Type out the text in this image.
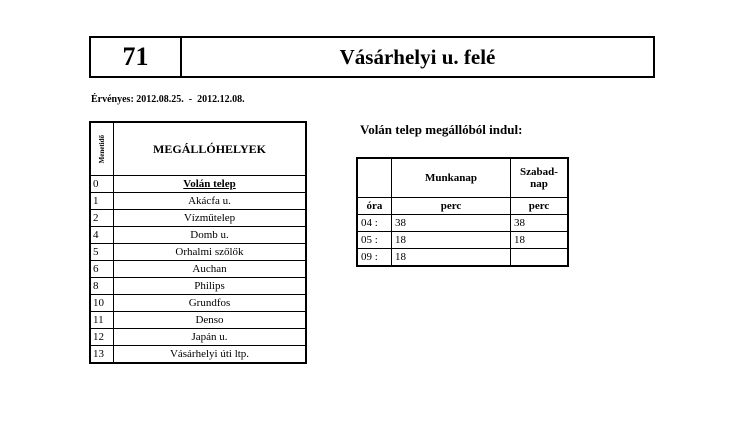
71	Vásárhelyi u. felé
Érvényes: 2012.08.25.  -  2012.12.08.
Menetidő	MEGÁLLÓHELYEK
0	Volán telep
1	Akácfa u.
2	Vízműtelep
4	Domb u.
5	Orhalmi szőlők
6	Auchan
8	Philips
10	Grundfos
11	Denso
12	Japán u.
13	Vásárhelyi úti ltp.
Volán telep megállóból indul:
	Munkanap	Szabad-
nap
óra	perc	perc
04 :	38	38
05 :	18	18
09 :	18	
